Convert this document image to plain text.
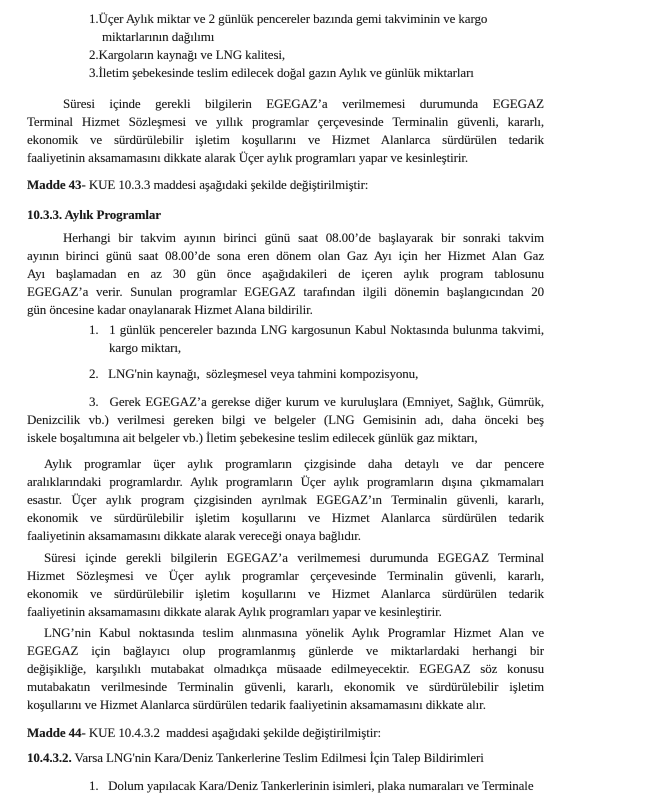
1.Üçer Aylık miktar ve 2 günlük pencereler bazında gemi takviminin ve kargo
miktarlarının dağılımı
2.Kargoların kaynağı ve LNG kalitesi,
3.İletim şebekesinde teslim edilecek doğal gazın Aylık ve günlük miktarları
Süresi içinde gerekli bilgilerin EGEGAZ’a verilmemesi durumunda EGEGAZ
Terminal Hizmet Sözleşmesi ve yıllık programlar çerçevesinde Terminalin güvenli, kararlı,
ekonomik ve sürdürülebilir işletim koşullarını ve Hizmet Alanlarca sürdürülen tedarik
faaliyetinin aksamamasını dikkate alarak Üçer aylık programları yapar ve kesinleştirir.
Madde 43- KUE 10.3.3 maddesi aşağıdaki şekilde değiştirilmiştir:
10.3.3. Aylık Programlar
Herhangi bir takvim ayının birinci günü saat 08.00’de başlayarak bir sonraki takvim
ayının birinci günü saat 08.00’de sona eren dönem olan Gaz Ayı için her Hizmet Alan Gaz
Ayı başlamadan en az 30 gün önce aşağıdakileri de içeren aylık program tablosunu
EGEGAZ’a verir. Sunulan programlar EGEGAZ tarafından ilgili dönemin başlangıcından 20
gün öncesine kadar onaylanarak Hizmet Alana bildirilir.
1.  1 günlük pencereler bazında LNG kargosunun Kabul Noktasında bulunma takvimi,
kargo miktarı,
2.  LNG'nin kaynağı,  sözleşmesel veya tahmini kompozisyonu,
3.  Gerek EGEGAZ’a gerekse diğer kurum ve kuruluşlara (Emniyet, Sağlık, Gümrük,
Denizcilik vb.) verilmesi gereken bilgi ve belgeler (LNG Gemisinin adı, daha önceki beş
iskele boşaltımına ait belgeler vb.) İletim şebekesine teslim edilecek günlük gaz miktarı,
Aylık programlar üçer aylık programların çizgisinde daha detaylı ve dar pencere
aralıklarındaki programlardır. Aylık programların Üçer aylık programların dışına çıkmamaları
esastır. Üçer aylık program çizgisinden ayrılmak EGEGAZ’ın Terminalin güvenli, kararlı,
ekonomik ve sürdürülebilir işletim koşullarını ve Hizmet Alanlarca sürdürülen tedarik
faaliyetinin aksamamasını dikkate alarak vereceği onaya bağlıdır.
Süresi içinde gerekli bilgilerin EGEGAZ’a verilmemesi durumunda EGEGAZ Terminal
Hizmet Sözleşmesi ve Üçer aylık programlar çerçevesinde Terminalin güvenli, kararlı,
ekonomik ve sürdürülebilir işletim koşullarını ve Hizmet Alanlarca sürdürülen tedarik
faaliyetinin aksamamasını dikkate alarak Aylık programları yapar ve kesinleştirir.
LNG’nin Kabul noktasında teslim alınmasına yönelik Aylık Programlar Hizmet Alan ve
EGEGAZ için bağlayıcı olup programlanmış günlerde ve miktarlardaki herhangi bir
değişikliğe, karşılıklı mutabakat olmadıkça müsaade edilmeyecektir. EGEGAZ söz konusu
mutabakatın verilmesinde Terminalin güvenli, kararlı, ekonomik ve sürdürülebilir işletim
koşullarını ve Hizmet Alanlarca sürdürülen tedarik faaliyetinin aksamamasını dikkate alır.
Madde 44- KUE 10.4.3.2  maddesi aşağıdaki şekilde değiştirilmiştir:
10.4.3.2. Varsa LNG'nin Kara/Deniz Tankerlerine Teslim Edilmesi İçin Talep Bildirimleri
1.  Dolum yapılacak Kara/Deniz Tankerlerinin isimleri, plaka numaraları ve Terminale
